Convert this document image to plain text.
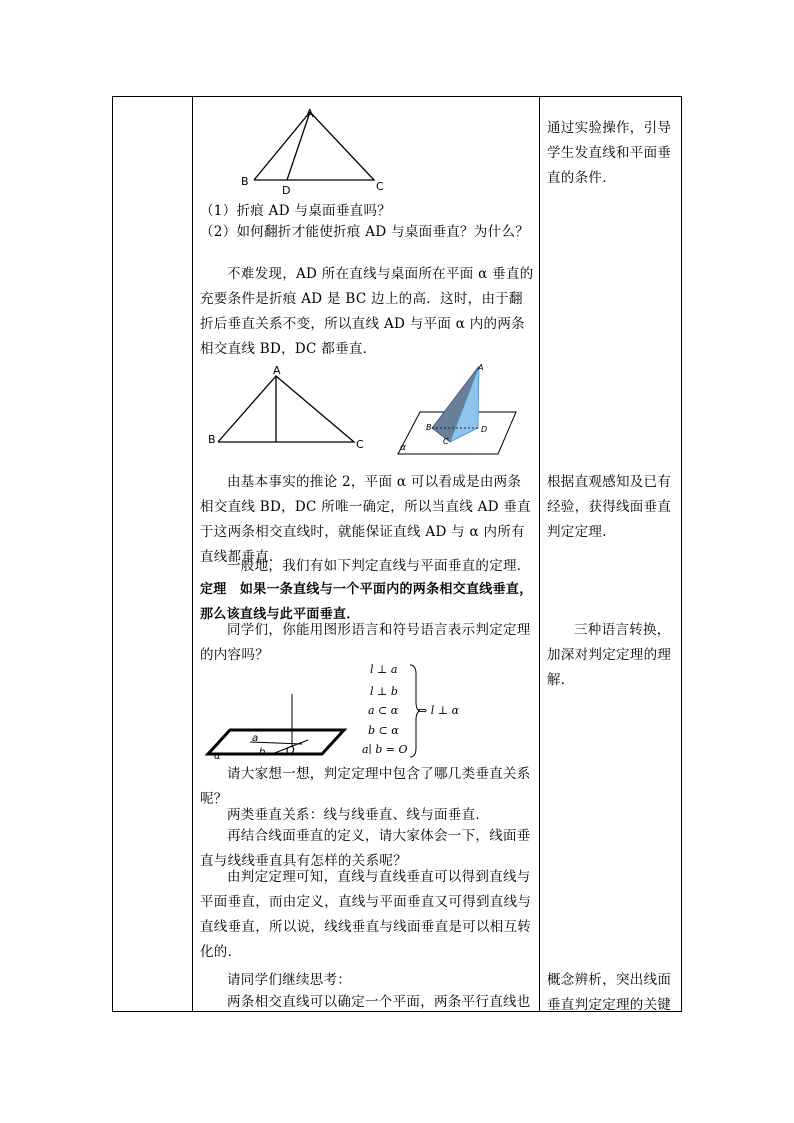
A
B	C
D

（1）折痕 AD 与桌面垂直吗？

（2）如何翻折才能使折痕 AD 与桌面垂直？为什么？

不难发现，AD 所在直线与桌面所在平面 α 垂直的充要条件是折痕 AD 是 BC 边上的高．这时，由于翻折后垂直关系不变，所以直线 AD 与平面 α 内的两条相交直线 BD，DC 都垂直．

A
B	C
A
B
C
D
α

由基本事实的推论 2，平面 α 可以看成是由两条相交直线 BD，DC 所唯一确定，所以当直线 AD 垂直于这两条相交直线时，就能保证直线 AD 与 α 内所有直线都垂直．

一般地，我们有如下判定直线与平面垂直的定理．

定理　如果一条直线与一个平面内的两条相交直线垂直，那么该直线与此平面垂直．

同学们，你能用图形语言和符号语言表示判定定理的内容吗？

a
b O
α
l ⊥ a
l ⊥ b
a ⊂ α
b ⊂ α
a∣ b = O
⇒ l ⊥ α

请大家想一想，判定定理中包含了哪几类垂直关系呢？

两类垂直关系：线与线垂直、线与面垂直．

再结合线面垂直的定义，请大家体会一下，线面垂直与线线垂直具有怎样的关系呢？

由判定定理可知，直线与直线垂直可以得到直线与平面垂直，而由定义，直线与平面垂直又可得到直线与直线垂直，所以说，线线垂直与线面垂直是可以相互转化的．

请同学们继续思考：

两条相交直线可以确定一个平面，两条平行直线也

通过实验操作，引导学生发直线和平面垂直的条件．

根据直观感知及已有经验，获得线面垂直判定定理．

三种语言转换，加深对判定定理的理解．

概念辨析，突出线面垂直判定定理的关键
